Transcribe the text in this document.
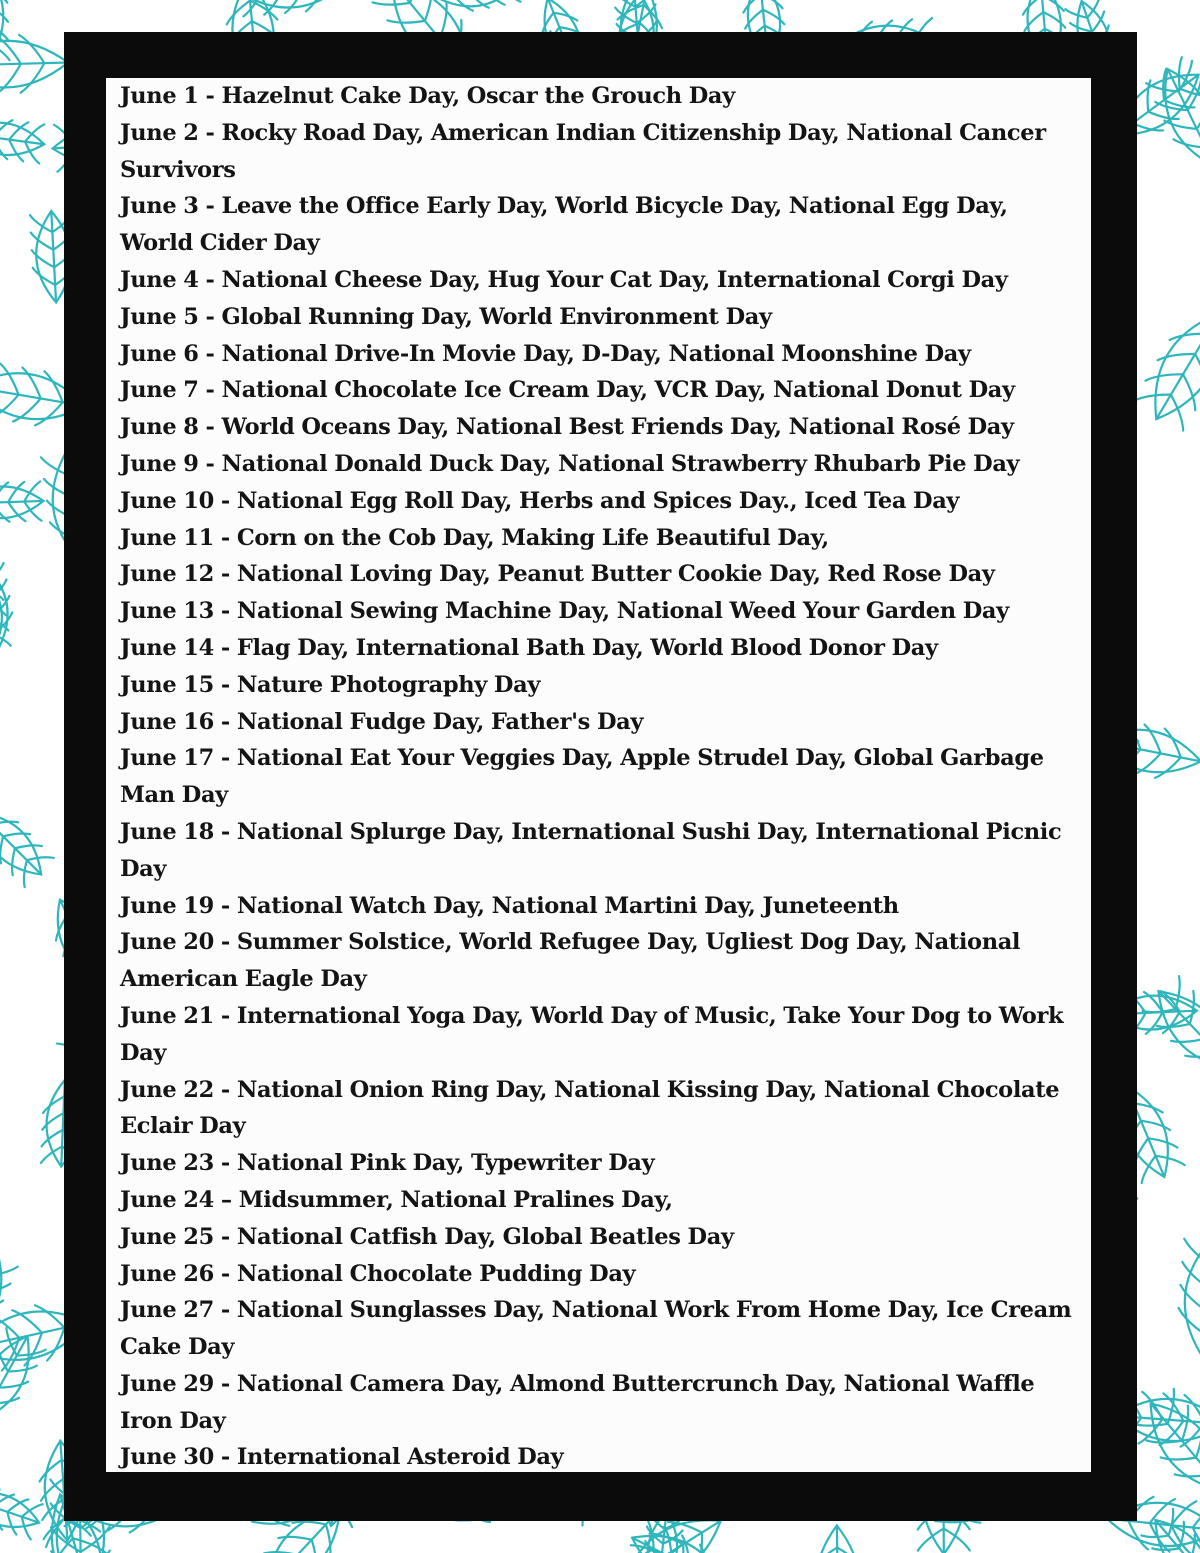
June 1 - Hazelnut Cake Day, Oscar the Grouch Day
June 2 - Rocky Road Day, American Indian Citizenship Day, National Cancer Survivors
June 3 - Leave the Office Early Day, World Bicycle Day, National Egg Day, World Cider Day
June 4 - National Cheese Day, Hug Your Cat Day, International Corgi Day
June 5 - Global Running Day, World Environment Day
June 6 - National Drive-In Movie Day, D-Day, National Moonshine Day
June 7 - National Chocolate Ice Cream Day, VCR Day, National Donut Day
June 8 - World Oceans Day, National Best Friends Day, National Rosé Day
June 9 - National Donald Duck Day, National Strawberry Rhubarb Pie Day
June 10 - National Egg Roll Day, Herbs and Spices Day., Iced Tea Day
June 11 - Corn on the Cob Day, Making Life Beautiful Day,
June 12 - National Loving Day, Peanut Butter Cookie Day, Red Rose Day
June 13 - National Sewing Machine Day, National Weed Your Garden Day
June 14 - Flag Day, International Bath Day, World Blood Donor Day
June 15 - Nature Photography Day
June 16 - National Fudge Day, Father's Day
June 17 - National Eat Your Veggies Day, Apple Strudel Day, Global Garbage Man Day
June 18 - National Splurge Day, International Sushi Day, International Picnic Day
June 19 - National Watch Day, National Martini Day, Juneteenth
June 20 - Summer Solstice, World Refugee Day, Ugliest Dog Day, National American Eagle Day
June 21 - International Yoga Day, World Day of Music, Take Your Dog to Work Day
June 22 - National Onion Ring Day, National Kissing Day, National Chocolate Eclair Day
June 23 - National Pink Day, Typewriter Day
June 24 – Midsummer, National Pralines Day,
June 25 - National Catfish Day, Global Beatles Day
June 26 - National Chocolate Pudding Day
June 27 - National Sunglasses Day, National Work From Home Day, Ice Cream Cake Day
June 29 - National Camera Day, Almond Buttercrunch Day, National Waffle Iron Day
June 30 - International Asteroid Day
